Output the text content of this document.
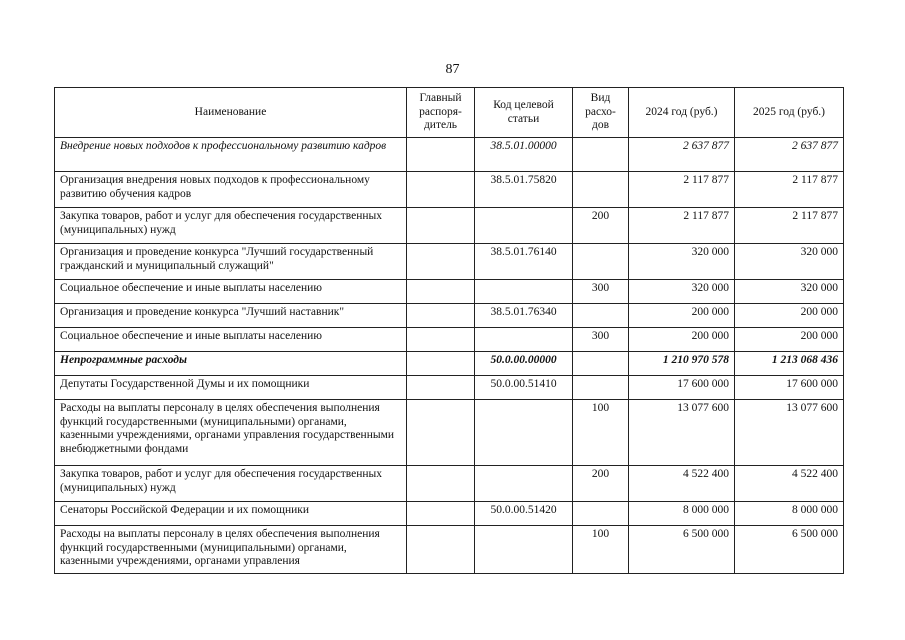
87
Наименование	Главный распоря-дитель	Код целевой статьи	Вид расхо-дов	2024 год (руб.)	2025 год (руб.)
Внедрение новых подходов к профессиональному развитию кадров		38.5.01.00000		2 637 877	2 637 877
Организация внедрения новых подходов к профессиональному развитию обучения кадров		38.5.01.75820		2 117 877	2 117 877
Закупка товаров, работ и услуг для обеспечения государственных (муниципальных) нужд			200	2 117 877	2 117 877
Организация и проведение конкурса "Лучший государственный гражданский и муниципальный служащий"		38.5.01.76140		320 000	320 000
Социальное обеспечение и иные выплаты населению			300	320 000	320 000
Организация и проведение конкурса "Лучший наставник"		38.5.01.76340		200 000	200 000
Социальное обеспечение и иные выплаты населению			300	200 000	200 000
Непрограммные расходы		50.0.00.00000		1 210 970 578	1 213 068 436
Депутаты Государственной Думы и их помощники		50.0.00.51410		17 600 000	17 600 000
Расходы на выплаты персоналу в целях обеспечения выполнения функций государственными (муниципальными) органами, казенными учреждениями, органами управления государственными внебюджетными фондами			100	13 077 600	13 077 600
Закупка товаров, работ и услуг для обеспечения государственных (муниципальных) нужд			200	4 522 400	4 522 400
Сенаторы Российской Федерации и их помощники		50.0.00.51420		8 000 000	8 000 000
Расходы на выплаты персоналу в целях обеспечения выполнения функций государственными (муниципальными) органами, казенными учреждениями, органами управления			100	6 500 000	6 500 000
